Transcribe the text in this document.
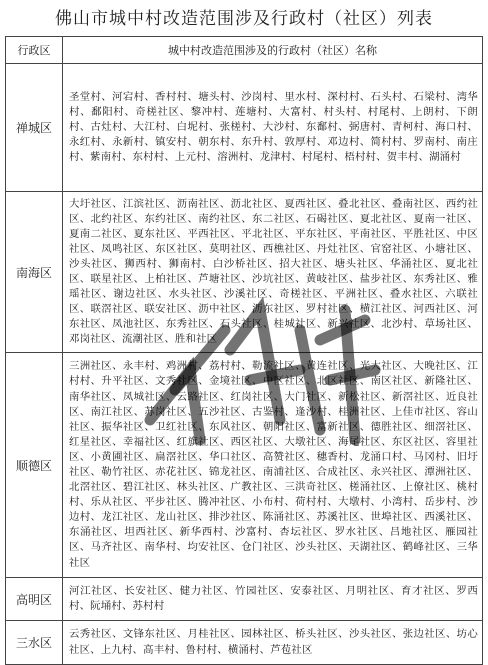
佛山市城中村改造范围涉及行政村（社区）列表
行政区	城中村改造范围涉及的行政村（社区）名称
禅城区	圣堂村、河宕村、香村村、塘头村、沙岗村、里水村、深村村、石头村、石梁村、湾华村、鄱阳村、奇槎社区、黎冲村、莲塘村、大富村、村头村、村尾村、上朗村、下朗村、古灶村、大江村、白坭村、张槎村、大沙村、东鄱村、弼唐村、青柯村、海口村、永红村、永新村、镇安村、朝东村、东升村、敦厚村、邓边村、简村村、罗南村、南庄村、紫南村、东村村、上元村、溶洲村、龙津村、村尾村、梧村村、贺丰村、湖涌村
南海区	大圩社区、江滨社区、沥南社区、沥北社区、夏西社区、叠北社区、叠南社区、西约社区、北约社区、东约社区、南约社区、东二社区、石碣社区、夏北社区、夏南一社区、夏南二社区、夏东社区、平西社区、平北社区、平东社区、平南社区、平胜社区、中区社区、凤鸣社区、东区社区、莫明社区、西樵社区、丹灶社区、官窑社区、小塘社区、沙头社区、狮西村、狮南村、白沙桥社区、招大社区、塘头社区、华涌社区、夏北社区、联星社区、上柏社区、芦塘社区、沙坑社区、黄岐社区、盐步社区、东秀社区、雅瑶社区、谢边社区、水头社区、沙溪社区、奇槎社区、平洲社区、叠水社区、六联社区、联滘社区、联安社区、沥中社区、沥东社区、罗村社区、横江社区、河西社区、河东社区、凤池社区、东秀社区、石头社区、桂城社区、新兴社区、北沙村、草场社区、邓岗社区、流潮社区、胜和社区
顺德区	三洲社区、永丰村、鸡洲村、荔村村、勒流社区、黄连社区、光大社区、大晚社区、江村村、升平社区、文秀社区、金境社区、中区社区、北区社区、南区社区、新隆社区、南华社区、凤城社区、云路社区、红岗社区、大门社区、新松社区、新滘社区、近良社区、南江社区、苏岗社区、五沙社区、古鉴村、逢沙村、桂洲社区、上佳市社区、容山社区、振华社区、卫红社区、东风社区、朝阳社区、富新社区、德胜社区、细滘社区、红星社区、幸福社区、红旗社区、西区社区、大墩社区、海尾社区、东区社区、容里社区、小黄圃社区、扁滘社区、华口社区、高赞社区、穗香村、龙涌口村、马冈村、旧圩社区、勒竹社区、赤花社区、锦龙社区、南浦社区、合成社区、永兴社区、潭洲社区、北滘社区、碧江社区、林头社区、广教社区、三洪奇社区、槎涌社区、上僚社区、桃村村、乐从社区、平步社区、腾冲社区、小布村、荷村村、大墩村、小湾村、岳步村、沙边村、龙江社区、龙山社区、排沙社区、陈涌社区、苏溪社区、世埠社区、西溪社区、东涌社区、坦西社区、新华西村、沙富村、杏坛社区、罗水社区、吕地社区、雁园社区、马齐社区、南华村、均安社区、仓门社区、沙头社区、天湖社区、鹤峰社区、三华社区
高明区	河江社区、长安社区、健力社区、竹园社区、安泰社区、月明社区、育才社区、罗西村、阮埇村、苏村村
三水区	云秀社区、文锋东社区、月桂社区、园林社区、桥头社区、沙头社区、张边社区、坊心社区、上九村、高丰村、鲁村村、横涌村、芦苞社区
